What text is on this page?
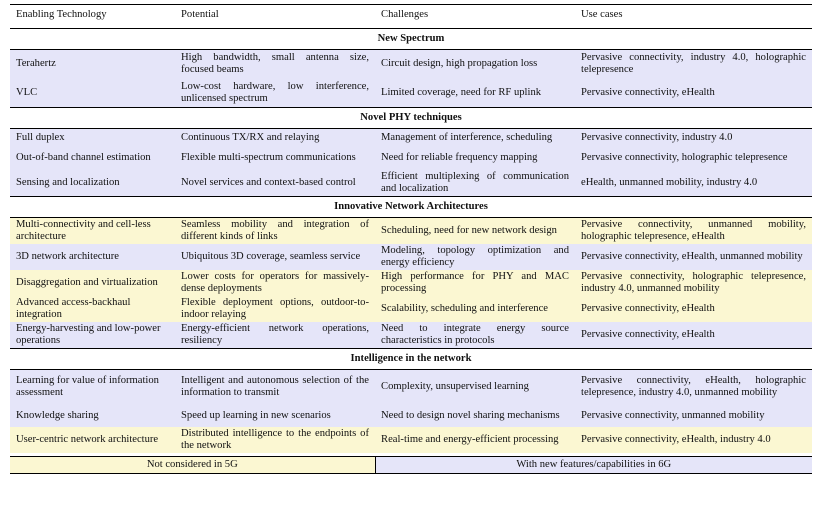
Enabling Technology	Potential	Challenges	Use cases
New Spectrum			
Terahertz	High bandwidth, small antenna size, focused beams	Circuit design, high propagation loss	Pervasive connectivity, industry 4.0, holographic telepresence
VLC	Low-cost hardware, low interference, unlicensed spectrum	Limited coverage, need for RF uplink	Pervasive connectivity, eHealth
Novel PHY techniques			
Full duplex	Continuous TX/RX and relaying	Management of interference, scheduling	Pervasive connectivity, industry 4.0
Out-of-band channel estimation	Flexible multi-spectrum communications	Need for reliable frequency mapping	Pervasive connectivity, holographic telepresence
Sensing and localization	Novel services and context-based control	Efficient multiplexing of communication and localization	eHealth, unmanned mobility, industry 4.0
Innovative Network Architectures			
Multi-connectivity and cell-less architecture	Seamless mobility and integration of different kinds of links	Scheduling, need for new network design	Pervasive connectivity, unmanned mobility, holographic telepresence, eHealth
3D network architecture	Ubiquitous 3D coverage, seamless service	Modeling, topology optimization and energy efficiency	Pervasive connectivity, eHealth, unmanned mobility
Disaggregation and virtualization	Lower costs for operators for massively-dense deployments	High performance for PHY and MAC processing	Pervasive connectivity, holographic telepresence, industry 4.0, unmanned mobility
Advanced access-backhaul integration	Flexible deployment options, outdoor-to-indoor relaying	Scalability, scheduling and interference	Pervasive connectivity, eHealth
Energy-harvesting and low-power operations	Energy-efficient network operations, resiliency	Need to integrate energy source characteristics in protocols	Pervasive connectivity, eHealth
Intelligence in the network			
Learning for value of information assessment	Intelligent and autonomous selection of the information to transmit	Complexity, unsupervised learning	Pervasive connectivity, eHealth, holographic telepresence, industry 4.0, unmanned mobility
Knowledge sharing	Speed up learning in new scenarios	Need to design novel sharing mechanisms	Pervasive connectivity, unmanned mobility
User-centric network architecture	Distributed intelligence to the endpoints of the network	Real-time and energy-efficient processing	Pervasive connectivity, eHealth, industry 4.0
Not considered in 5G	With new features/capabilities in 6G
